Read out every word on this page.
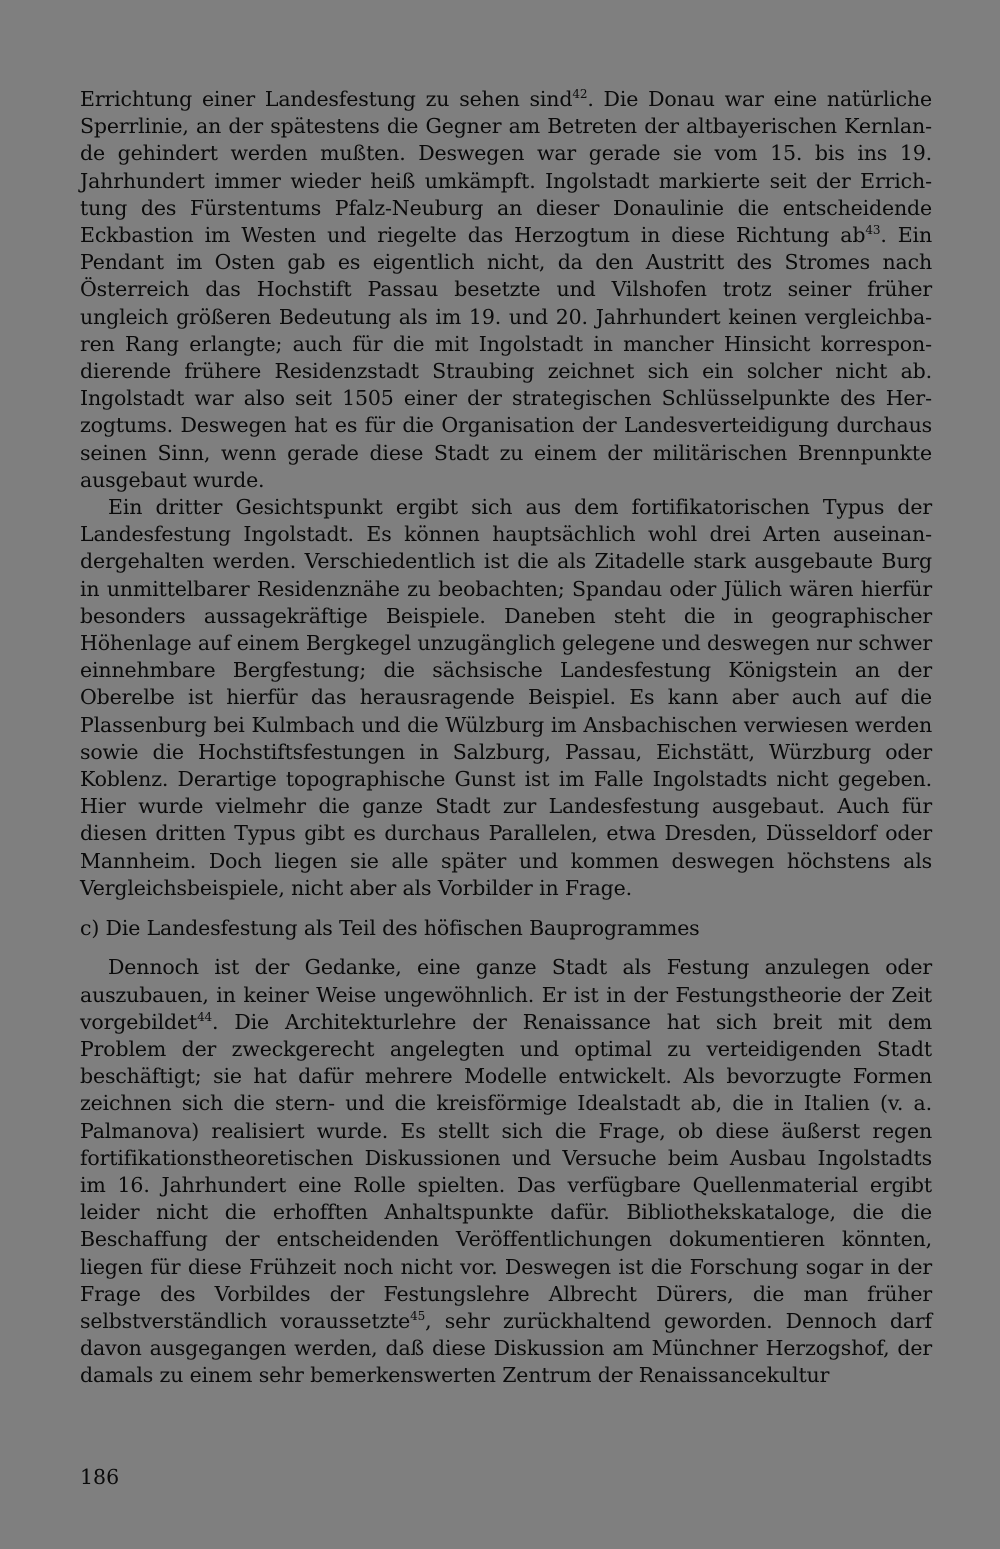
Errichtung einer Landesfestung zu sehen sind$^{42}$. Die Donau war eine natürliche Sperrlinie, an der spätestens die Gegner am Betreten der altbayerischen Kernlande gehindert werden mußten. Deswegen war gerade sie vom 15. bis ins 19. Jahrhundert immer wieder heiß umkämpft. Ingolstadt markierte seit der Errichtung des Fürstentums Pfalz-Neuburg an dieser Donaulinie die entscheidende Eckbastion im Westen und riegelte das Herzogtum in diese Richtung $ab^{43}$. Ein Pendant im Osten gab es eigentlich nicht, da den Austritt des Stromes nach Österreich das Hochstift Passau besetzte und Vilshofen trotz seiner früher ungleich größeren Bedeutung als im 19. und 20. Jahrhundert keinen vergleichbaren Rang erlangte; auch für die mit Ingolstadt in mancher Hinsicht korrespondierende frühere Residenzstadt Straubing zeichnet sich ein solcher nicht ab. Ingolstadt war also seit 1505 einer der strategischen Schlüsselpunkte des Herzogtums. Deswegen hat es für die Organisation der Landesverteidigung durchaus seinen Sinn, wenn gerade diese Stadt zu einem der militärischen Brennpunkte ausgebaut wurde.

Ein dritter Gesichtspunkt ergibt sich aus dem fortifikatorischen Typus der Landesfestung Ingolstadt. Es können hauptsächlich wohl drei Arten auseinandergehalten werden. Verschiedentlich ist die als Zitadelle stark ausgebaute Burg in unmittelbarer Residenznähe zu beobachten; Spandau oder Jülich wären hierfür besonders aussagekräftige Beispiele. Daneben steht die in geographischer Höhenlage auf einem Bergkegel unzugänglich gelegene und deswegen nur schwer einnehmbare Bergfestung; die sächsische Landesfestung Königstein an der Oberelbe ist hierfür das herausragende Beispiel. Es kann aber auch auf die Plassenburg bei Kulmbach und die Wülzburg im Ansbachischen verwiesen werden sowie die Hochstiftsfestungen in Salzburg, Passau, Eichstätt, Würzburg oder Koblenz. Derartige topographische Gunst ist im Falle Ingolstadts nicht gegeben. Hier wurde vielmehr die ganze Stadt zur Landesfestung ausgebaut. Auch für diesen dritten Typus gibt es durchaus Parallelen, etwa Dresden, Düsseldorf oder Mannheim. Doch liegen sie alle später und kommen deswegen höchstens als Vergleichsbeispiele, nicht aber als Vorbilder in Frage.

c) Die Landesfestung als Teil des höfischen Bauprogrammes

Dennoch ist der Gedanke, eine ganze Stadt als Festung anzulegen oder auszubauen, in keiner Weise ungewöhnlich. Er ist in der Festungstheorie der Zeit vorgebildet$^{44}$. Die Architekturlehre der Renaissance hat sich breit mit dem Problem der zweckgerecht angelegten und optimal zu verteidigenden Stadt beschäftigt; sie hat dafür mehrere Modelle entwickelt. Als bevorzugte Formen zeichnen sich die stern- und die kreisförmige Idealstadt ab, die in Italien (v. a. Palmanova) realisiert wurde. Es stellt sich die Frage, ob diese äußerst regen fortifikationstheoretischen Diskussionen und Versuche beim Ausbau Ingolstadts im 16. Jahrhundert eine Rolle spielten. Das verfügbare Quellenmaterial ergibt leider nicht die erhofften Anhaltspunkte dafür. Bibliothekskataloge, die die Beschaffung der entscheidenden Veröffentlichungen dokumentieren könnten, liegen für diese Frühzeit noch nicht vor. Deswegen ist die Forschung sogar in der Frage des Vorbildes der Festungslehre Albrecht Dürers, die man früher selbstverständlich voraussetzte$^{45}$, sehr zurückhaltend geworden. Dennoch darf davon ausgegangen werden, daß diese Diskussion am Münchner Herzogshof, der damals zu einem sehr bemerkenswerten Zentrum der Renaissancekultur

186
